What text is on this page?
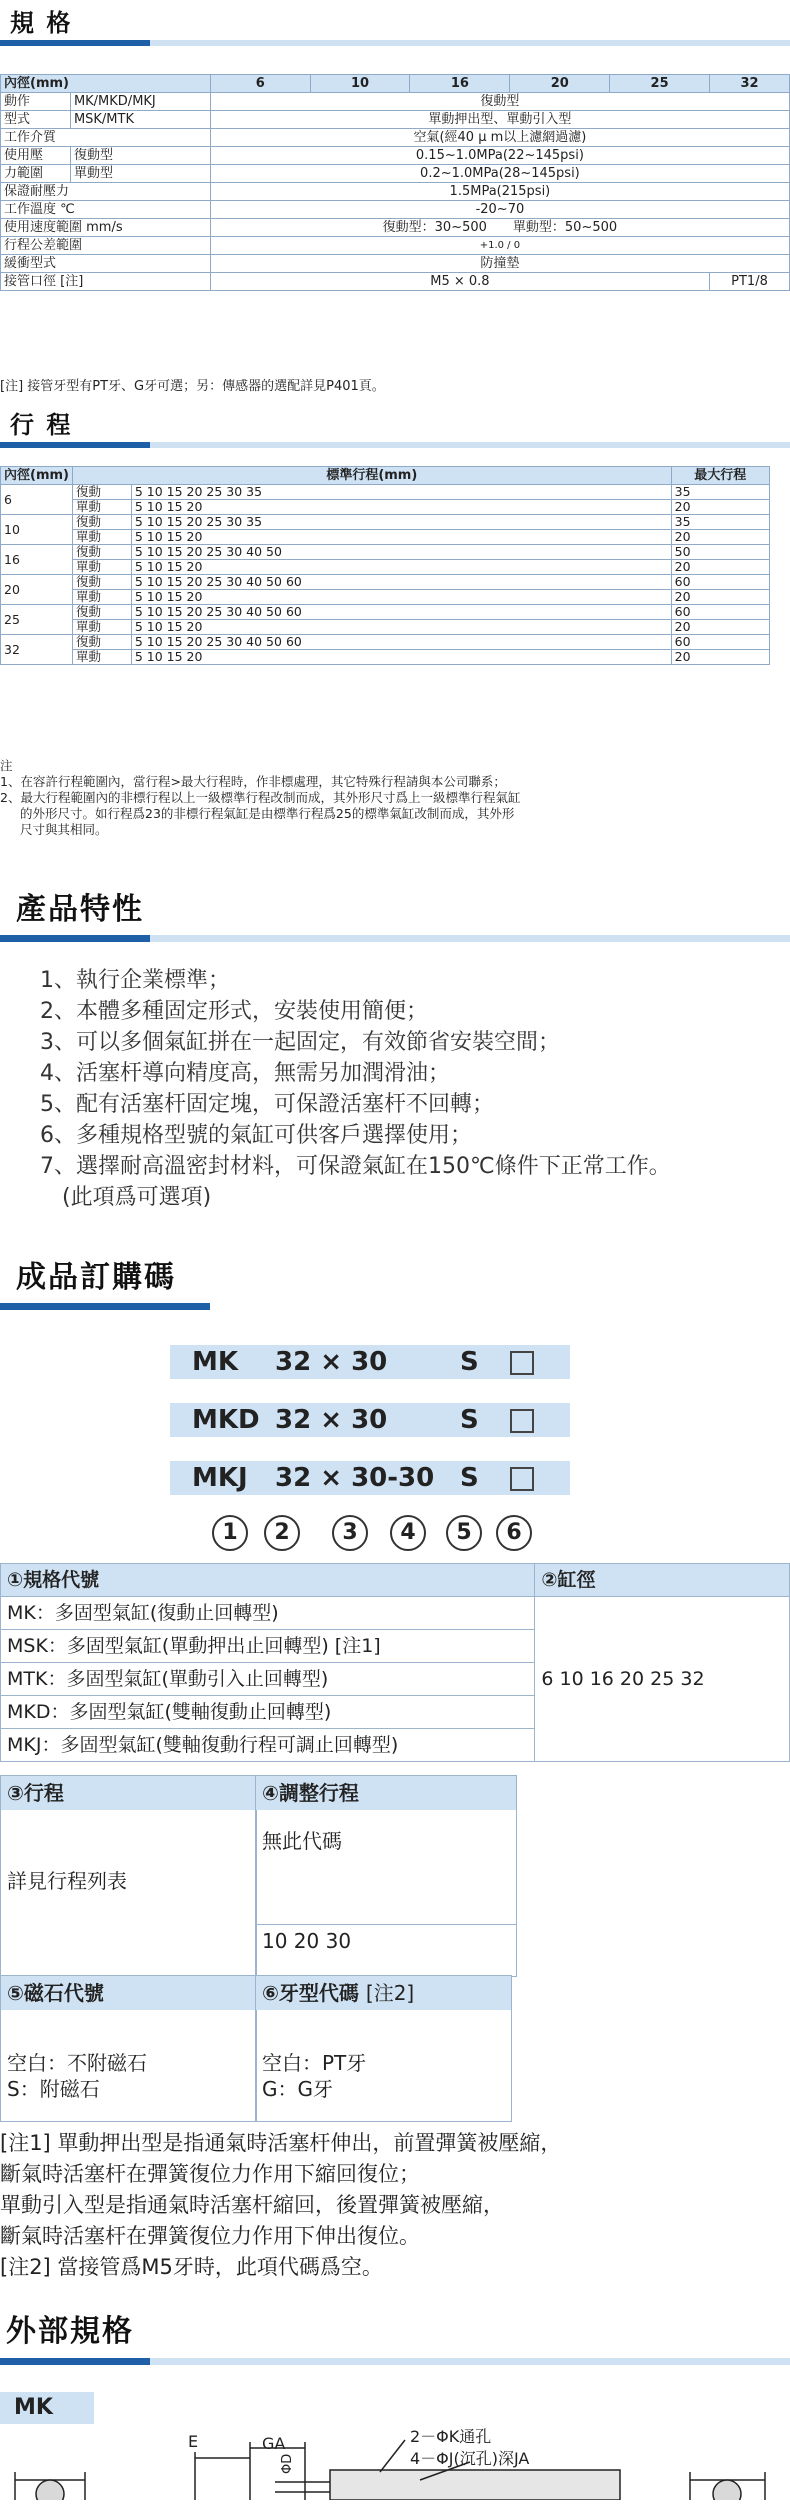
規 格
內徑(mm)		6	10	16	20	25	32
動作	MK/MKD/MKJ	復動型					
型式	MSK/MTK	單動押出型、單動引入型					
工作介質		空氣(經40 μ m以上濾網過濾)					
使用壓	復動型	0.15~1.0MPa(22~145psi)					
力範圍	單動型	0.2~1.0MPa(28~145psi)					
保證耐壓力		1.5MPa(215psi)					
工作溫度 ℃		-20~70					
使用速度範圍 mm/s		復動型：30~500　　單動型：50~500					
行程公差範圍		+1.0 / 0					
緩衝型式		防撞墊					
接管口徑 [注]		M5 × 0.8					PT1/8
[注] 接管牙型有PT牙、G牙可選；另：傳感器的選配詳見P401頁。
行 程
內徑(mm)	標準行程(mm)		最大行程
6	復動	5 10 15 20 25 30 35	35
	單動	5 10 15 20	20
10	復動	5 10 15 20 25 30 35	35
	單動	5 10 15 20	20
16	復動	5 10 15 20 25 30 40 50	50
	單動	5 10 15 20	20
20	復動	5 10 15 20 25 30 40 50 60	60
	單動	5 10 15 20	20
25	復動	5 10 15 20 25 30 40 50 60	60
	單動	5 10 15 20	20
32	復動	5 10 15 20 25 30 40 50 60	60
	單動	5 10 15 20	20
注
1、在容許行程範圍內，當行程>最大行程時，作非標處理，其它特殊行程請與本公司聯系；
2、最大行程範圍內的非標行程以上一級標準行程改制而成，其外形尺寸爲上一級標準行程氣缸
的外形尺寸。如行程爲23的非標行程氣缸是由標準行程爲25的標準氣缸改制而成，其外形
尺寸與其相同。
產品特性
1、執行企業標準；
2、本體多種固定形式，安裝使用簡便；
3、可以多個氣缸拼在一起固定，有效節省安裝空間；
4、活塞杆導向精度高，無需另加潤滑油；
5、配有活塞杆固定塊，可保證活塞杆不回轉；
6、多種規格型號的氣缸可供客戶選擇使用；
7、選擇耐高溫密封材料，可保證氣缸在150℃條件下正常工作。
(此項爲可選項)
成品訂購碼
MK 32 × 30	S
MKD 32 × 30	S
MKJ 32 × 30-30 S
1	2	3	4	5	6
①規格代號	②缸徑
MK：多固型氣缸(復動止回轉型)	6 10 16 20 25 32
MSK：多固型氣缸(單動押出止回轉型) [注1]	
MTK：多固型氣缸(單動引入止回轉型)	
MKD：多固型氣缸(雙軸復動止回轉型)	
MKJ：多固型氣缸(雙軸復動行程可調止回轉型)	
③行程
詳見行程列表
④調整行程
無此代碼
10 20 30
⑤磁石代號
空白：不附磁石
S：附磁石
⑥牙型代碼 [注2]
空白：PT牙
G：G牙
[注1] 單動押出型是指通氣時活塞杆伸出，前置彈簧被壓縮，
斷氣時活塞杆在彈簧復位力作用下縮回復位；
單動引入型是指通氣時活塞杆縮回，後置彈簧被壓縮，
斷氣時活塞杆在彈簧復位力作用下伸出復位。
[注2] 當接管爲M5牙時，此項代碼爲空。
外部規格
MK
E	GA	2－ΦK通孔
4－ΦJ(沉孔)深JA
ΦD
